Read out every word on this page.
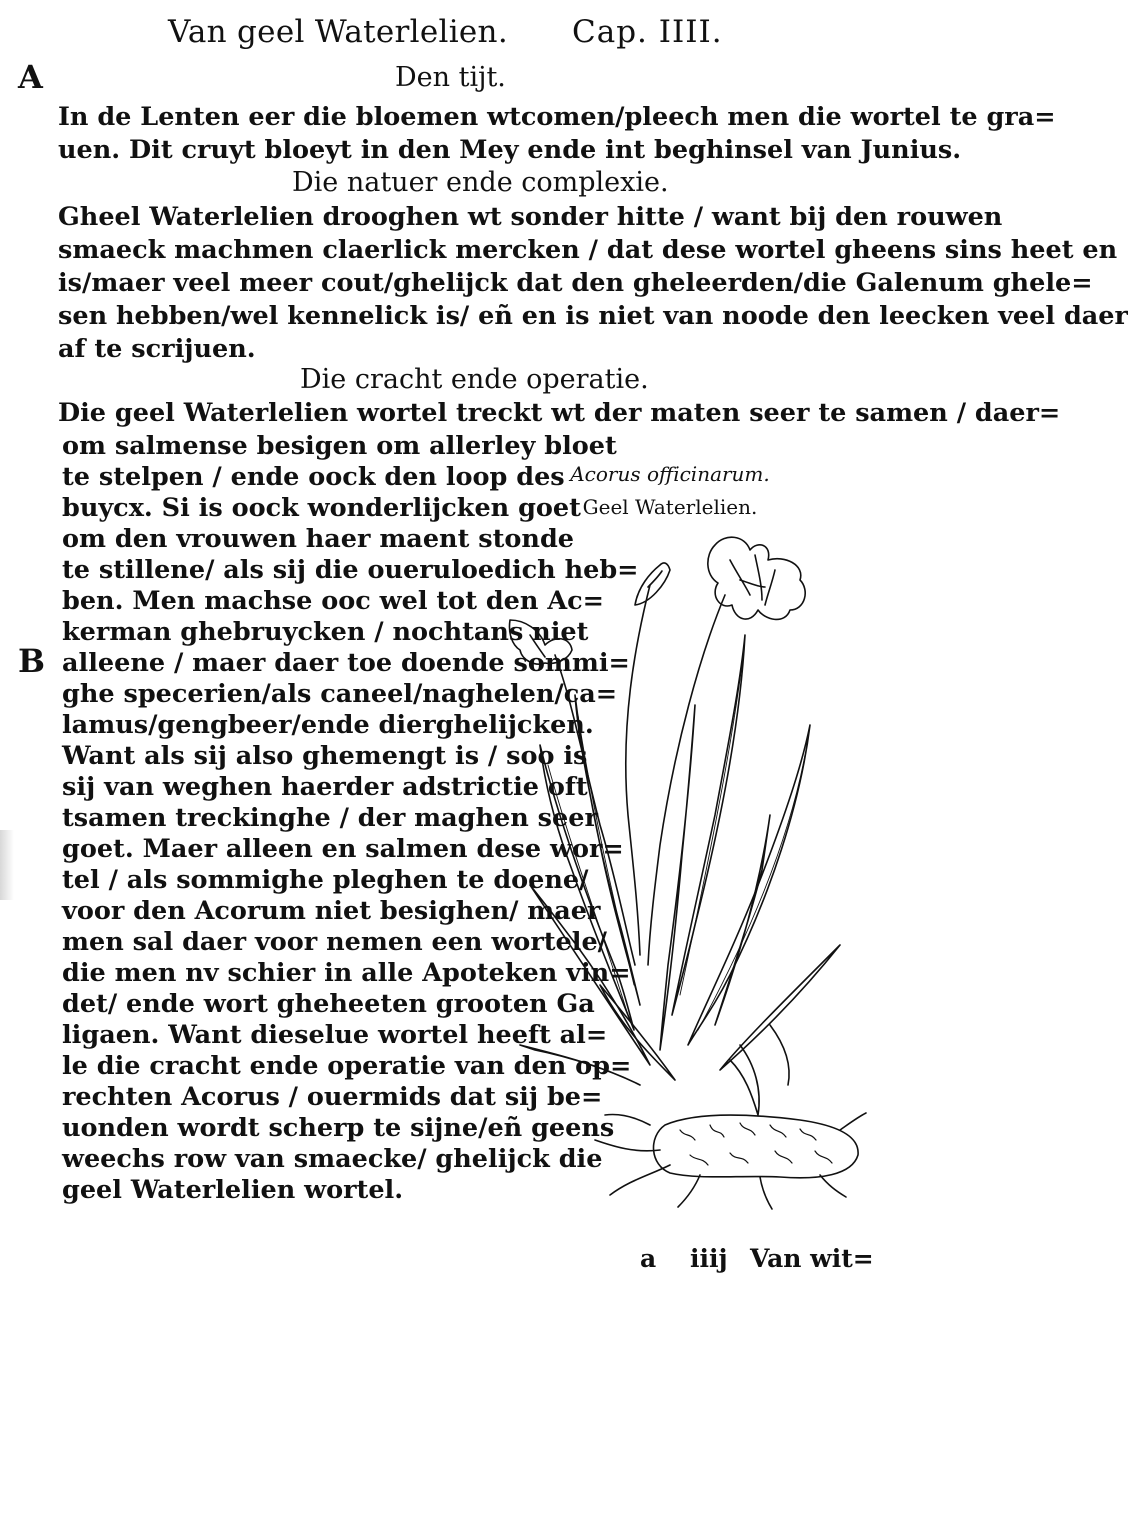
Van geel Waterlelien. Cap. IIII.
A
B
Den tijt.
In de Lenten eer die bloemen wtcomen/pleech men die wortel te gra=
uen. Dit cruyt bloeyt in den Mey ende int beghinsel van Junius.
Die natuer ende complexie.
Gheel Waterlelien drooghen wt sonder hitte / want bij den rouwen
smaeck machmen claerlick mercken / dat dese wortel gheens sins heet en
is/maer veel meer cout/ghelijck dat den gheleerden/die Galenum ghele=
sen hebben/wel kennelick is/ eñ en is niet van noode den leecken veel daer
af te scrijuen.
Die cracht ende operatie.
Die geel Waterlelien wortel treckt wt der maten seer te samen / daer=
om salmense besigen om allerley bloet
te stelpen / ende oock den loop des
buycx. Si is oock wonderlijcken goet
om den vrouwen haer maent stonde
te stillene/ als sij die ouerulоedich heb=
ben. Men machse ooc wel tot den Ac=
kerman ghebruycken / nochtans niet
alleene / maer daer toe doende sommi=
ghe specerien/als caneel/naghelen/ca=
lamus/gengbeer/ende dierghelijcken.
Want als sij also ghemengt is / soo is
sij van weghen haerder adstrictie oft
tsamen treckinghe / der maghen seer
goet. Maer alleen en salmen dese wor=
tel / als sommighe pleghen te doene/
voor den Acorum niet besighen/ maer
men sal daer voor nemen een wortele/
die men nv schier in alle Apoteken vin=
det/ ende wort gheheeten grooten Ga
ligaen. Want dieselue wortel heeft al=
le die cracht ende operatie van den op=
rechten Acorus / ouermids dat sij be=
uonden wordt scherp te sijne/eñ geens
weechs row van smaecke/ ghelijck die
geel Waterlelien wortel.
Acorus officinarum.
Geel Waterlelien.
a iiij Van wit=
